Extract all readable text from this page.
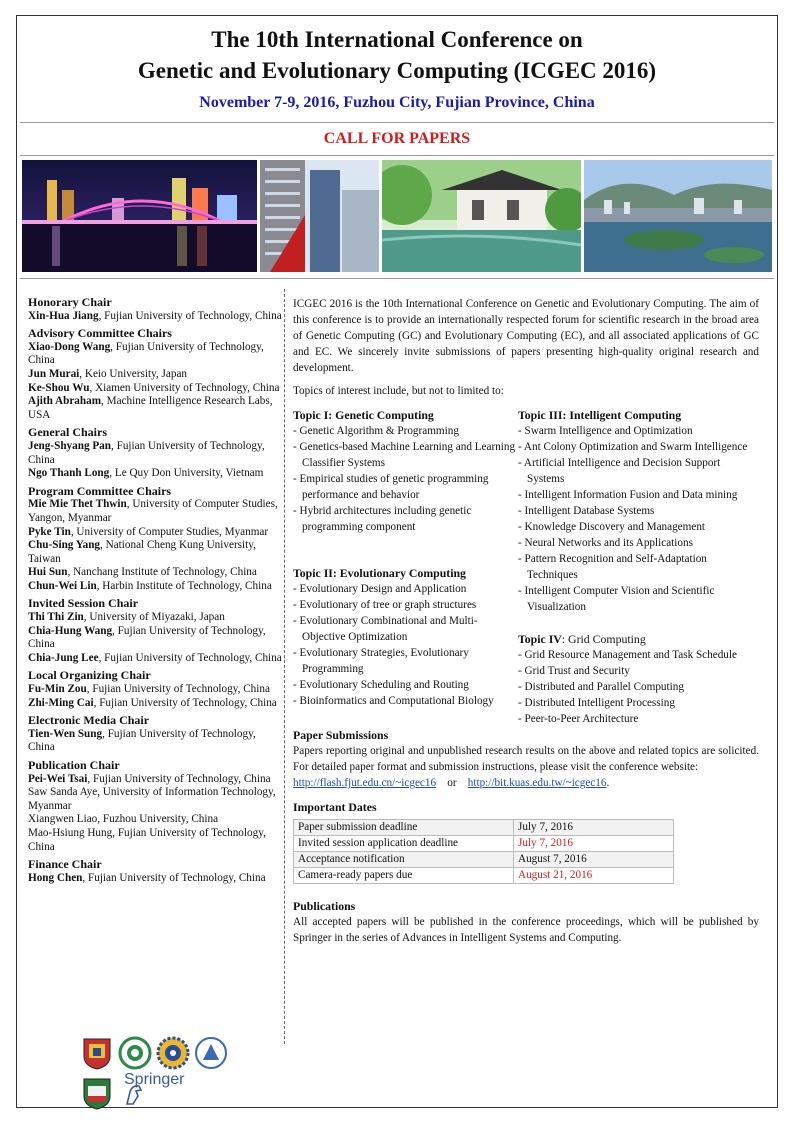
The 10th International Conference on
Genetic and Evolutionary Computing (ICGEC 2016)
November 7-9, 2016, Fuzhou City, Fujian Province, China
CALL FOR PAPERS
Honorary Chair
Xin-Hua Jiang, Fujian University of Technology, China
Advisory Committee Chairs
Xiao-Dong Wang, Fujian University of Technology, China
Jun Murai, Keio University, Japan
Ke-Shou Wu, Xiamen University of Technology, China
Ajith Abraham, Machine Intelligence Research Labs, USA
General Chairs
Jeng-Shyang Pan, Fujian University of Technology, China
Ngo Thanh Long, Le Quy Don University, Vietnam
Program Committee Chairs
Mie Mie Thet Thwin, University of Computer Studies, Yangon, Myanmar
Pyke Tin, University of Computer Studies, Myanmar
Chu-Sing Yang, National Cheng Kung University, Taiwan
Hui Sun, Nanchang Institute of Technology, China
Chun-Wei Lin, Harbin Institute of Technology, China
Invited Session Chair
Thi Thi Zin, University of Miyazaki, Japan
Chia-Hung Wang, Fujian University of Technology, China
Chia-Jung Lee, Fujian University of Technology, China
Local Organizing Chair
Fu-Min Zou, Fujian University of Technology, China
Zhi-Ming Cai, Fujian University of Technology, China
Electronic Media Chair
Tien-Wen Sung, Fujian University of Technology, China
Publication Chair
Pei-Wei Tsai, Fujian University of Technology, China
Saw Sanda Aye, University of Information Technology, Myanmar
Xiangwen Liao, Fuzhou University, China
Mao-Hsiung Hung, Fujian University of Technology, China
Finance Chair
Hong Chen, Fujian University of Technology, China
ICGEC 2016 is the 10th International Conference on Genetic and Evolutionary Computing. The aim of this conference is to provide an internationally respected forum for scientific research in the broad area of Genetic Computing (GC) and Evolutionary Computing (EC), and all associated applications of GC and EC. We sincerely invite submissions of papers presenting high-quality original research and development.
Topics of interest include, but not to limited to:
Topic I: Genetic Computing
- Genetic Algorithm & Programming
- Genetics-based Machine Learning and Learning Classifier Systems
- Empirical studies of genetic programming performance and behavior
- Hybrid architectures including genetic programming component
Topic II: Evolutionary Computing
- Evolutionary Design and Application
- Evolutionary of tree or graph structures
- Evolutionary Combinational and Multi-Objective Optimization
- Evolutionary Strategies, Evolutionary Programming
- Evolutionary Scheduling and Routing
- Bioinformatics and Computational Biology
Topic III: Intelligent Computing
- Swarm Intelligence and Optimization
- Ant Colony Optimization and Swarm Intelligence
- Artificial Intelligence and Decision Support Systems
- Intelligent Information Fusion and Data mining
- Intelligent Database Systems
- Knowledge Discovery and Management
- Neural Networks and its Applications
- Pattern Recognition and Self-Adaptation Techniques
- Intelligent Computer Vision and Scientific Visualization
Topic IV: Grid Computing
- Grid Resource Management and Task Schedule
- Grid Trust and Security
- Distributed and Parallel Computing
- Distributed Intelligent Processing
- Peer-to-Peer Architecture
Paper Submissions
Papers reporting original and unpublished research results on the above and related topics are solicited. For detailed paper format and submission instructions, please visit the conference website:
http://flash.fjut.edu.cn/~icgec16 or http://bit.kuas.edu.tw/~icgec16.
Important Dates
Paper submission deadline	July 7, 2016
Invited session application deadline	July 7, 2016
Acceptance notification	August 7, 2016
Camera-ready papers due	August 21, 2016
Publications
All accepted papers will be published in the conference proceedings, which will be published by Springer in the series of Advances in Intelligent Systems and Computing.
Springer
